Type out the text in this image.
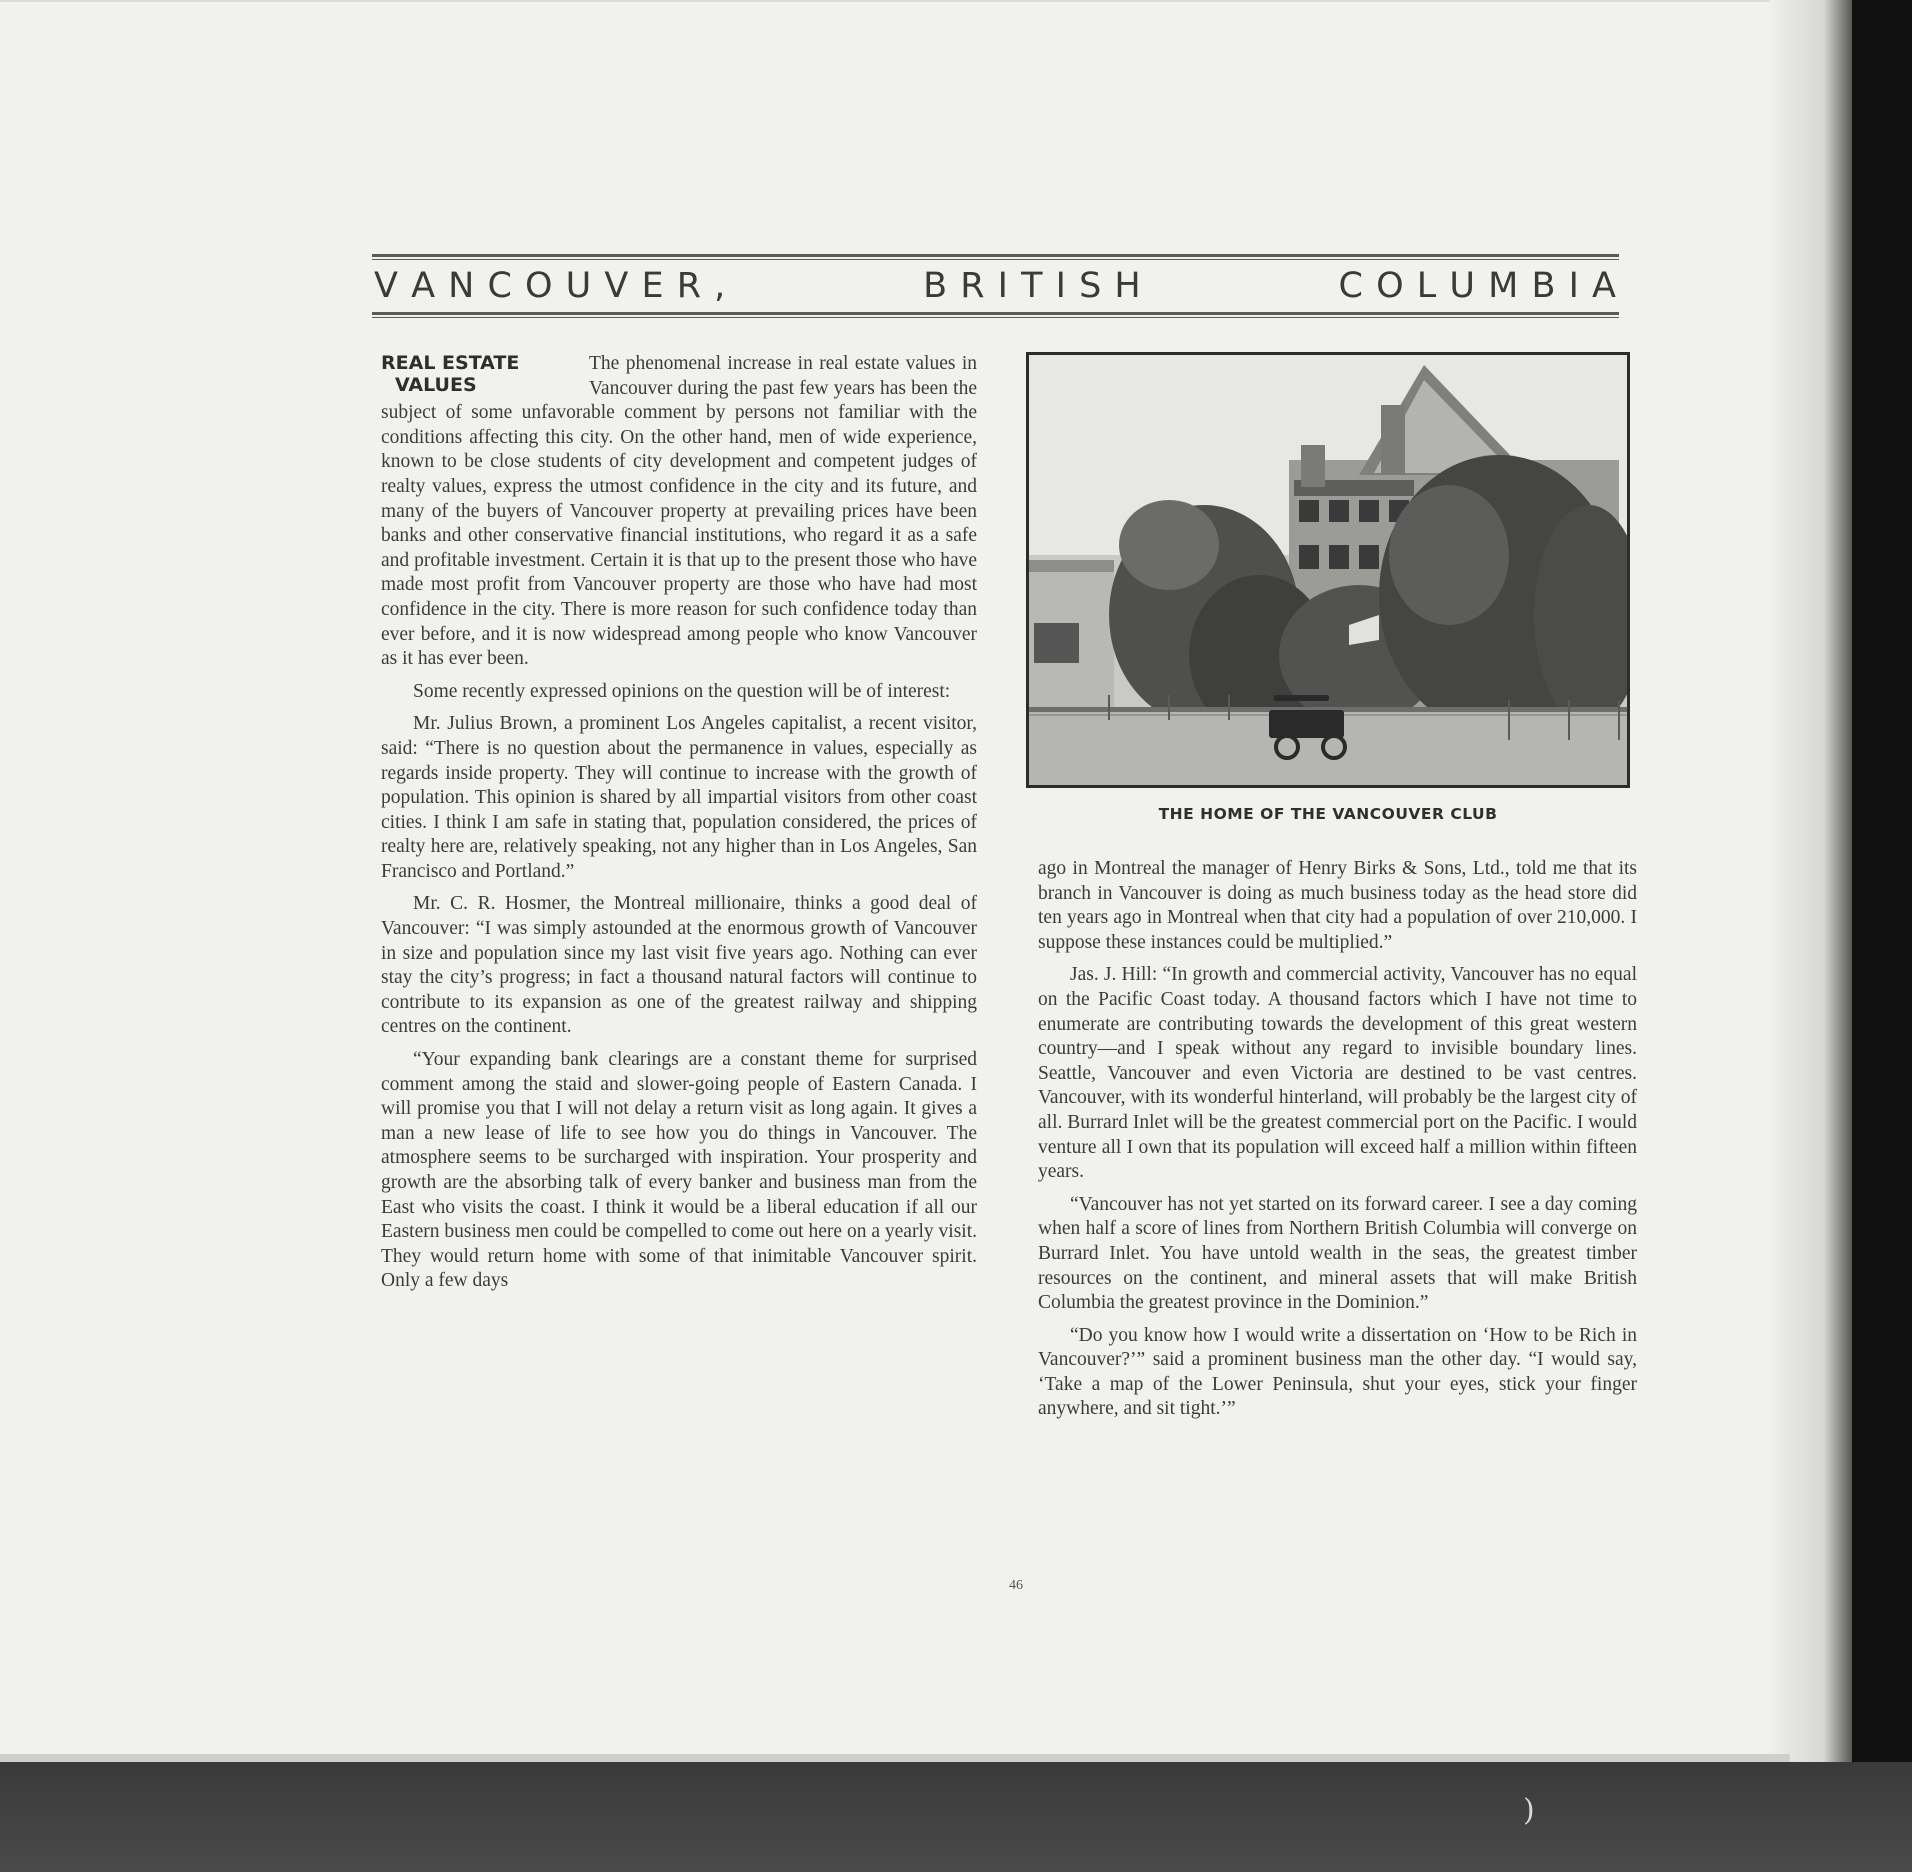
V A N C O U V E R ,	B R I T I S H	C O L U M B I A

REAL ESTATE
VALUES
The phenomenal increase in real estate values in Vancouver during the past few years has been the subject of some unfavorable comment by persons not familiar with the conditions affecting this city. On the other hand, men of wide experience, known to be close students of city development and competent judges of realty values, express the utmost confidence in the city and its future, and many of the buyers of Vancouver property at prevailing prices have been banks and other conservative financial institutions, who regard it as a safe and profitable investment. Certain it is that up to the present those who have made most profit from Vancouver property are those who have had most confidence in the city. There is more reason for such confidence today than ever before, and it is now widespread among people who know Vancouver as it has ever been.

Some recently expressed opinions on the question will be of interest:

Mr. Julius Brown, a prominent Los Angeles capitalist, a recent visitor, said: “There is no question about the permanence in values, especially as regards inside property. They will continue to increase with the growth of population. This opinion is shared by all impartial visitors from other coast cities. I think I am safe in stating that, population considered, the prices of realty here are, relatively speaking, not any higher than in Los Angeles, San Francisco and Portland.”

Mr. C. R. Hosmer, the Montreal millionaire, thinks a good deal of Vancouver: “I was simply astounded at the enormous growth of Vancouver in size and population since my last visit five years ago. Nothing can ever stay the city’s progress; in fact a thousand natural factors will continue to contribute to its expansion as one of the greatest railway and shipping centres on the continent.

“Your expanding bank clearings are a constant theme for surprised comment among the staid and slower-going people of Eastern Canada. I will promise you that I will not delay a return visit as long again. It gives a man a new lease of life to see how you do things in Vancouver. The atmosphere seems to be surcharged with inspiration. Your prosperity and growth are the absorbing talk of every banker and business man from the East who visits the coast. I think it would be a liberal education if all our Eastern business men could be compelled to come out here on a yearly visit. They would return home with some of that inimitable Vancouver spirit. Only a few days

THE HOME OF THE VANCOUVER CLUB

ago in Montreal the manager of Henry Birks & Sons, Ltd., told me that its branch in Vancouver is doing as much business today as the head store did ten years ago in Montreal when that city had a population of over 210,000. I suppose these instances could be multiplied.”

Jas. J. Hill: “In growth and commercial activity, Vancouver has no equal on the Pacific Coast today. A thousand factors which I have not time to enumerate are contributing towards the development of this great western country—and I speak without any regard to invisible boundary lines. Seattle, Vancouver and even Victoria are destined to be vast centres. Vancouver, with its wonderful hinterland, will probably be the largest city of all. Burrard Inlet will be the greatest commercial port on the Pacific. I would venture all I own that its population will exceed half a million within fifteen years.

“Vancouver has not yet started on its forward career. I see a day coming when half a score of lines from Northern British Columbia will converge on Burrard Inlet. You have untold wealth in the seas, the greatest timber resources on the continent, and mineral assets that will make British Columbia the greatest province in the Dominion.”

“Do you know how I would write a dissertation on ‘How to be Rich in Vancouver?’” said a prominent business man the other day. “I would say, ‘Take a map of the Lower Peninsula, shut your eyes, stick your finger anywhere, and sit tight.’”

46
)
